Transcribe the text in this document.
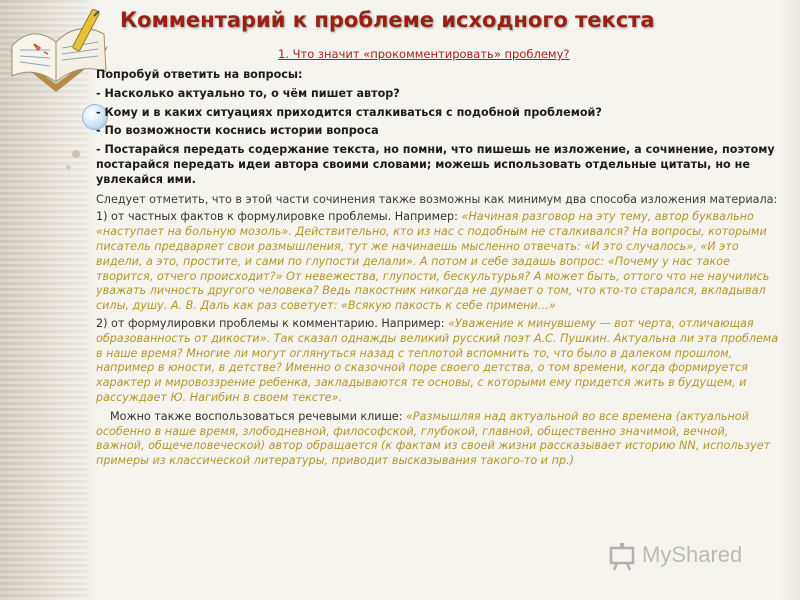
Комментарий к проблеме исходного текста
1. Что значит «прокомментировать» проблему?

Попробуй ответить на вопросы:

- Насколько актуально то, о чём пишет автор?

- Кому и в каких ситуациях приходится сталкиваться с подобной проблемой?

- По возможности коснись истории вопроса

- Постарайся передать содержание текста, но помни, что пишешь не изложение, а сочинение, поэтому постарайся передать идеи автора своими словами; можешь использовать отдельные цитаты, но не увлекайся ими.

Следует отметить, что в этой части сочинения также возможны как минимум два способа изложения материала:

1) от частных фактов к формулировке проблемы. Например: «Начиная разговор на эту тему, автор буквально «наступает на больную мозоль». Действительно, кто из нас с подобным не сталкивался? На вопросы, которыми писатель предваряет свои размышления, тут же начинаешь мысленно отвечать: «И это случалось», «И это видели, а это, простите, и сами по глупости делали». А потом и себе задашь вопрос: «Почему у нас такое творится, отчего происходит?» От невежества, глупости, бескультурья? А может быть, оттого что не научились уважать личность другого человека? Ведь пакостник никогда не думает о том, что кто-то старался, вкладывал силы, душу. А. В. Даль как раз советует: «Всякую пакость к себе примени…»

2) от формулировки проблемы к комментарию. Например: «Уважение к минувшему — вот черта, отличающая образованность от дикости». Так сказал однажды великий русский поэт А.С. Пушкин. Актуальна ли эта проблема в наше время? Многие ли могут оглянуться назад с теплотой вспомнить то, что было в далеком прошлом, например в юности, в детстве? Именно о сказочной поре своего детства, о том времени, когда формируется характер и мировоззрение ребенка, закладываются те основы, с которыми ему придется жить в будущем, и рассуждает Ю. Нагибин в своем тексте».

Можно также воспользоваться речевыми клише: «Размышляя над актуальной во все времена (актуальной особенно в наше время, злободневной, философской, глубокой, главной, общественно значимой, вечной, важной, общечеловеческой) автор обращается (к фактам из своей жизни рассказывает историю NN, использует примеры из классической литературы, приводит высказывания такого-то и пр.)

MyShared
